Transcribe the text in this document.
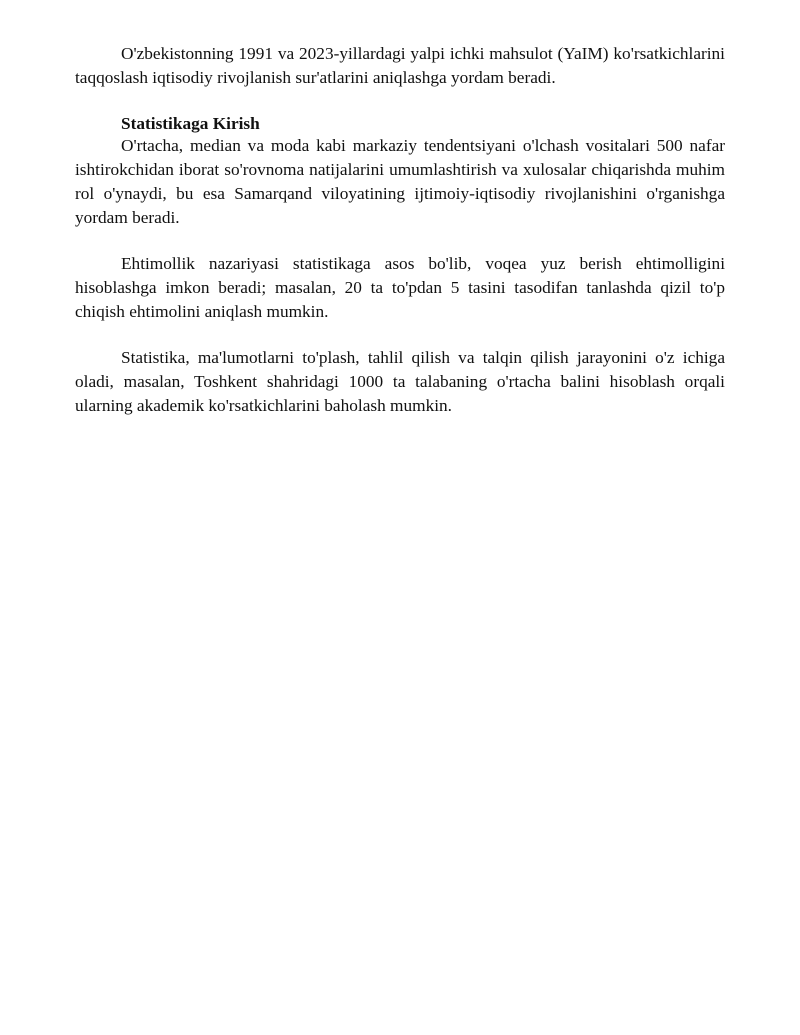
O'zbekistonning 1991 va 2023-yillardagi yalpi ichki mahsulot (YaIM) ko'rsatkichlarini taqqoslash iqtisodiy rivojlanish sur'atlarini aniqlashga yordam beradi.

Statistikaga Kirish

O'rtacha, median va moda kabi markaziy tendentsiyani o'lchash vositalari 500 nafar ishtirokchidan iborat so'rovnoma natijalarini umumlashtirish va xulosalar chiqarishda muhim rol o'ynaydi, bu esa Samarqand viloyatining ijtimoiy-iqtisodiy rivojlanishini o'rganishga yordam beradi.

Ehtimollik nazariyasi statistikaga asos bo'lib, voqea yuz berish ehtimolligini hisoblashga imkon beradi; masalan, 20 ta to'pdan 5 tasini tasodifan tanlashda qizil to'p chiqish ehtimolini aniqlash mumkin.

Statistika, ma'lumotlarni to'plash, tahlil qilish va talqin qilish jarayonini o'z ichiga oladi, masalan, Toshkent shahridagi 1000 ta talabaning o'rtacha balini hisoblash orqali ularning akademik ko'rsatkichlarini baholash mumkin.
